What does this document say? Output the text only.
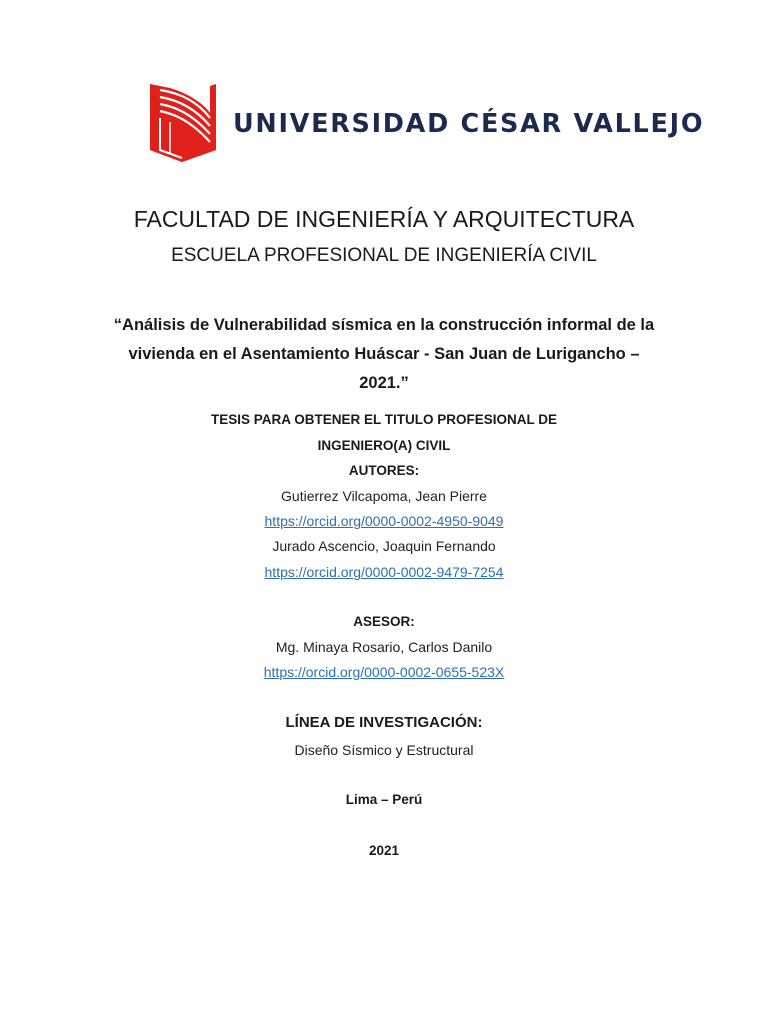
UNIVERSIDAD CÉSAR VALLEJO

FACULTAD DE INGENIERÍA Y ARQUITECTURA

ESCUELA PROFESIONAL DE INGENIERÍA CIVIL

“Análisis de Vulnerabilidad sísmica en la construcción informal de la

vivienda en el Asentamiento Huáscar - San Juan de Lurigancho –

2021.”

TESIS PARA OBTENER EL TITULO PROFESIONAL DE

INGENIERO(A) CIVIL

AUTORES:

Gutierrez Vilcapoma, Jean Pierre

https://orcid.org/0000-0002-4950-9049

Jurado Ascencio, Joaquin Fernando

https://orcid.org/0000-0002-9479-7254

ASESOR:

Mg. Minaya Rosario, Carlos Danilo

https://orcid.org/0000-0002-0655-523X

LÍNEA DE INVESTIGACIÓN:

Diseño Sísmico y Estructural

Lima – Perú

2021
